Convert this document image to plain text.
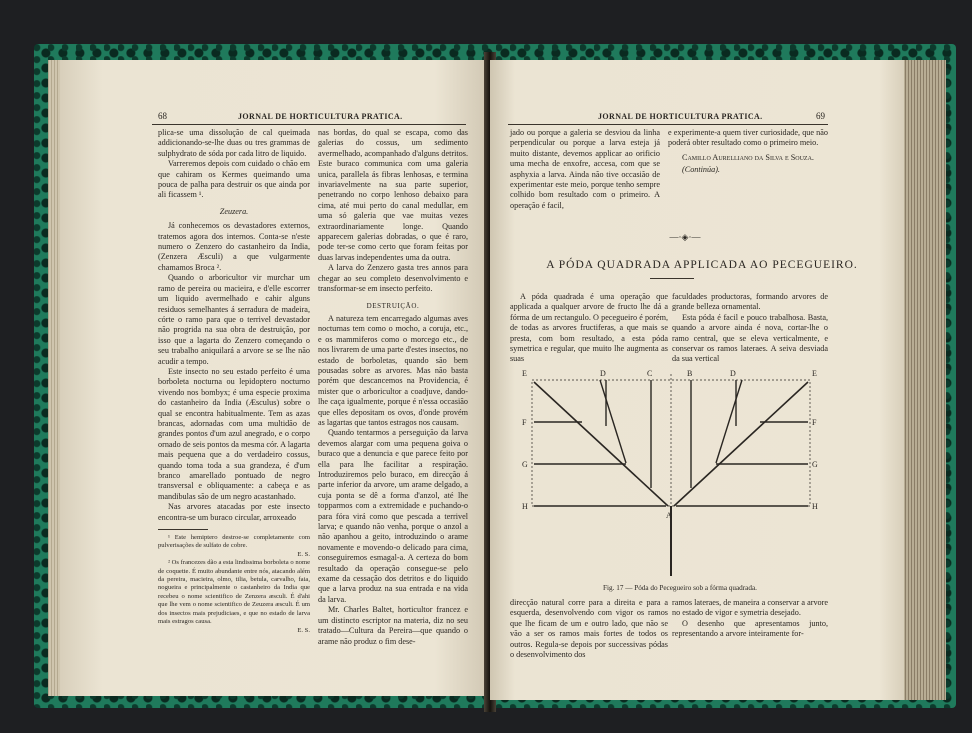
68	JORNAL DE HORTICULTURA PRATICA.

plica-se uma dissolução de cal queimada addicionando-se-lhe duas ou tres grammas de sulphydrato de sóda por cada litro de liquido.

Varreremos depois com cuidado o chão em que cahiram os Kermes queimando uma pouca de palha para destruir os que ainda por ali ficassem ¹.

Zeuzera.

Já conhecemos os devastadores externos, tratemos agora dos internos. Conta-se n'este numero o Zenzero do castanheiro da India, (Zenzera Æsculi) a que vulgarmente chamamos Broca ².

Quando o arboricultor vir murchar um ramo de pereira ou macieira, e d'elle escorrer um liquido avermelhado e cahir alguns residuos semelhantes á serradura de madeira, córte o ramo para que o terrivel devastador não progrida na sua obra de destruição, por isso que a lagarta do Zenzero começando o seu trabalho aniquilará a arvore se se lhe não acudir a tempo.

Este insecto no seu estado perfeito é uma borboleta nocturna ou lepidoptero nocturno vivendo nos bombyx; é uma especie proxima do castanheiro da India (Æsculus) sobre o qual se encontra habitualmente. Tem as azas brancas, adornadas com uma multidão de grandes pontos d'um azul anegrado, e o corpo ornado de seis pontos da mesma cór. A lagarta mais pequena que a do verdadeiro cossus, quando toma toda a sua grandeza, é d'um branco amarellado pontuado de negro transversal e obliquamente: a cabeça e as mandibulas são de um negro acastanhado.

Nas arvores atacadas por este insecto encontra-se um buraco circular, arroxeado

¹ Este hemiptero destroe-se completamente com pulverisações de sulfato de cobre.

E. S.

² Os francezes dão a esta lindissima borboleta o nome de coquette. É muito abundante entre nós, atacando além da pereira, macieira, olmo, tilia, betula, carvalho, faia, nogueira e principalmente o castanheiro da India que recebeu o nome scientifico de Zenzera æsculi. É d'ahi que lhe vem o nome scientifico de Zeuzera æsculi. É um dos insectos mais prejudiciaes, e que no estado de larva mais estragos causa.

E. S.

nas bordas, do qual se escapa, como das galerias do cossus, um sedimento avermelhado, acompanhado d'alguns detritos. Este buraco communica com uma galeria unica, parallela ás fibras lenhosas, e termina invariavelmente na sua parte superior, penetrando no corpo lenhoso debaixo para cima, até mui perto do canal medullar, em uma só galeria que vae muitas vezes extraordinariamente longe. Quando apparecem galerias dobradas, o que é raro, pode ter-se como certo que foram feitas por duas larvas independentes uma da outra.

A larva do Zenzero gasta tres annos para chegar ao seu completo desenvolvimento e transformar-se em insecto perfeito.

DESTRUIÇÃO.

A natureza tem encarregado algumas aves nocturnas tem como o mocho, a coruja, etc., e os mammiferos como o morcego etc., de nos livrarem de uma parte d'estes insectos, no estado de borboletas, quando são bem pousadas sobre as arvores. Mas não basta porém que descancemos na Providencia, é mister que o arboricultor a coadjuve, dando-lhe caça igualmente, porque é n'essa occasião que elles depositam os ovos, d'onde provém as lagartas que tantos estragos nos causam.

Quando tentarmos a perseguição da larva devemos alargar com uma pequena goiva o buraco que a denuncia e que parece feito por ella para lhe facilitar a respiração. Introduziremos pelo buraco, em direcção á parte inferior da arvore, um arame delgado, a cuja ponta se dê a forma d'anzol, até lhe topparmos com a extremidade e puchando-o para fóra virá como que pescada a terrivel larva; e quando não venha, porque o anzol a não apanhou a geito, introduzindo o arame novamente e movendo-o delicado para cima, conseguiremos esmagal-a. A certeza do bom resultado da operação consegue-se pelo exame da cessação dos detritos e do liquido que a larva produz na sua entrada e na vida da larva.

Mr. Charles Baltet, horticultor francez e um distincto escriptor na materia, diz no seu tratado—Cultura da Pereira—que quando o arame não produz o fim dese-

JORNAL DE HORTICULTURA PRATICA.	69

jado ou porque a galeria se desviou da linha perpendicular ou porque a larva esteja já muito distante, devemos applicar ao orificio uma mecha de enxofre, accesa, com que se asphyxia a larva. Ainda não tive occasião de experimentar este meio, porque tenho sempre colhido bom resultado com o primeiro. A operação é facil,

e experimente-a quem tiver curiosidade, que não poderá obter resultado como o primeiro meio.

Camillo Aurelliano da Silva e Souza.

(Continúa).

—·◈·—
A PÓDA QUADRADA APPLICADA AO PECEGUEIRO.

A póda quadrada é uma operação que applicada a qualquer arvore de fructo lhe dá a fórma de um rectangulo. O pecegueiro é porém, de todas as arvores fructiferas, a que mais se presta, com bom resultado, a esta póda symetrica e regular, que muito lhe augmenta as suas

faculdades productoras, formando arvores de grande belleza ornamental.

Esta póda é facil e pouco trabalhosa. Basta, quando a arvore ainda é nova, cortar-lhe o ramo central, que se eleva verticalmente, e conservar os ramos lateraes. A seiva desviada da sua vertical

E	D	C	B	D	E
F	F
G	G
H	H
A
Fig. 17 — Póda do Pecegueiro sob a fórma quadrada.

direcção natural corre para a direita e para a esquerda, desenvolvendo com vigor os ramos que lhe ficam de um e outro lado, que não se vão a ser os ramos mais fortes de todos os outros. Regula-se depois por successivas pódas o desenvolvimento dos

ramos lateraes, de maneira a conservar a arvore no estado de vigor e symetria desejado.

O desenho que apresentamos junto, representando a arvore inteiramente for-
